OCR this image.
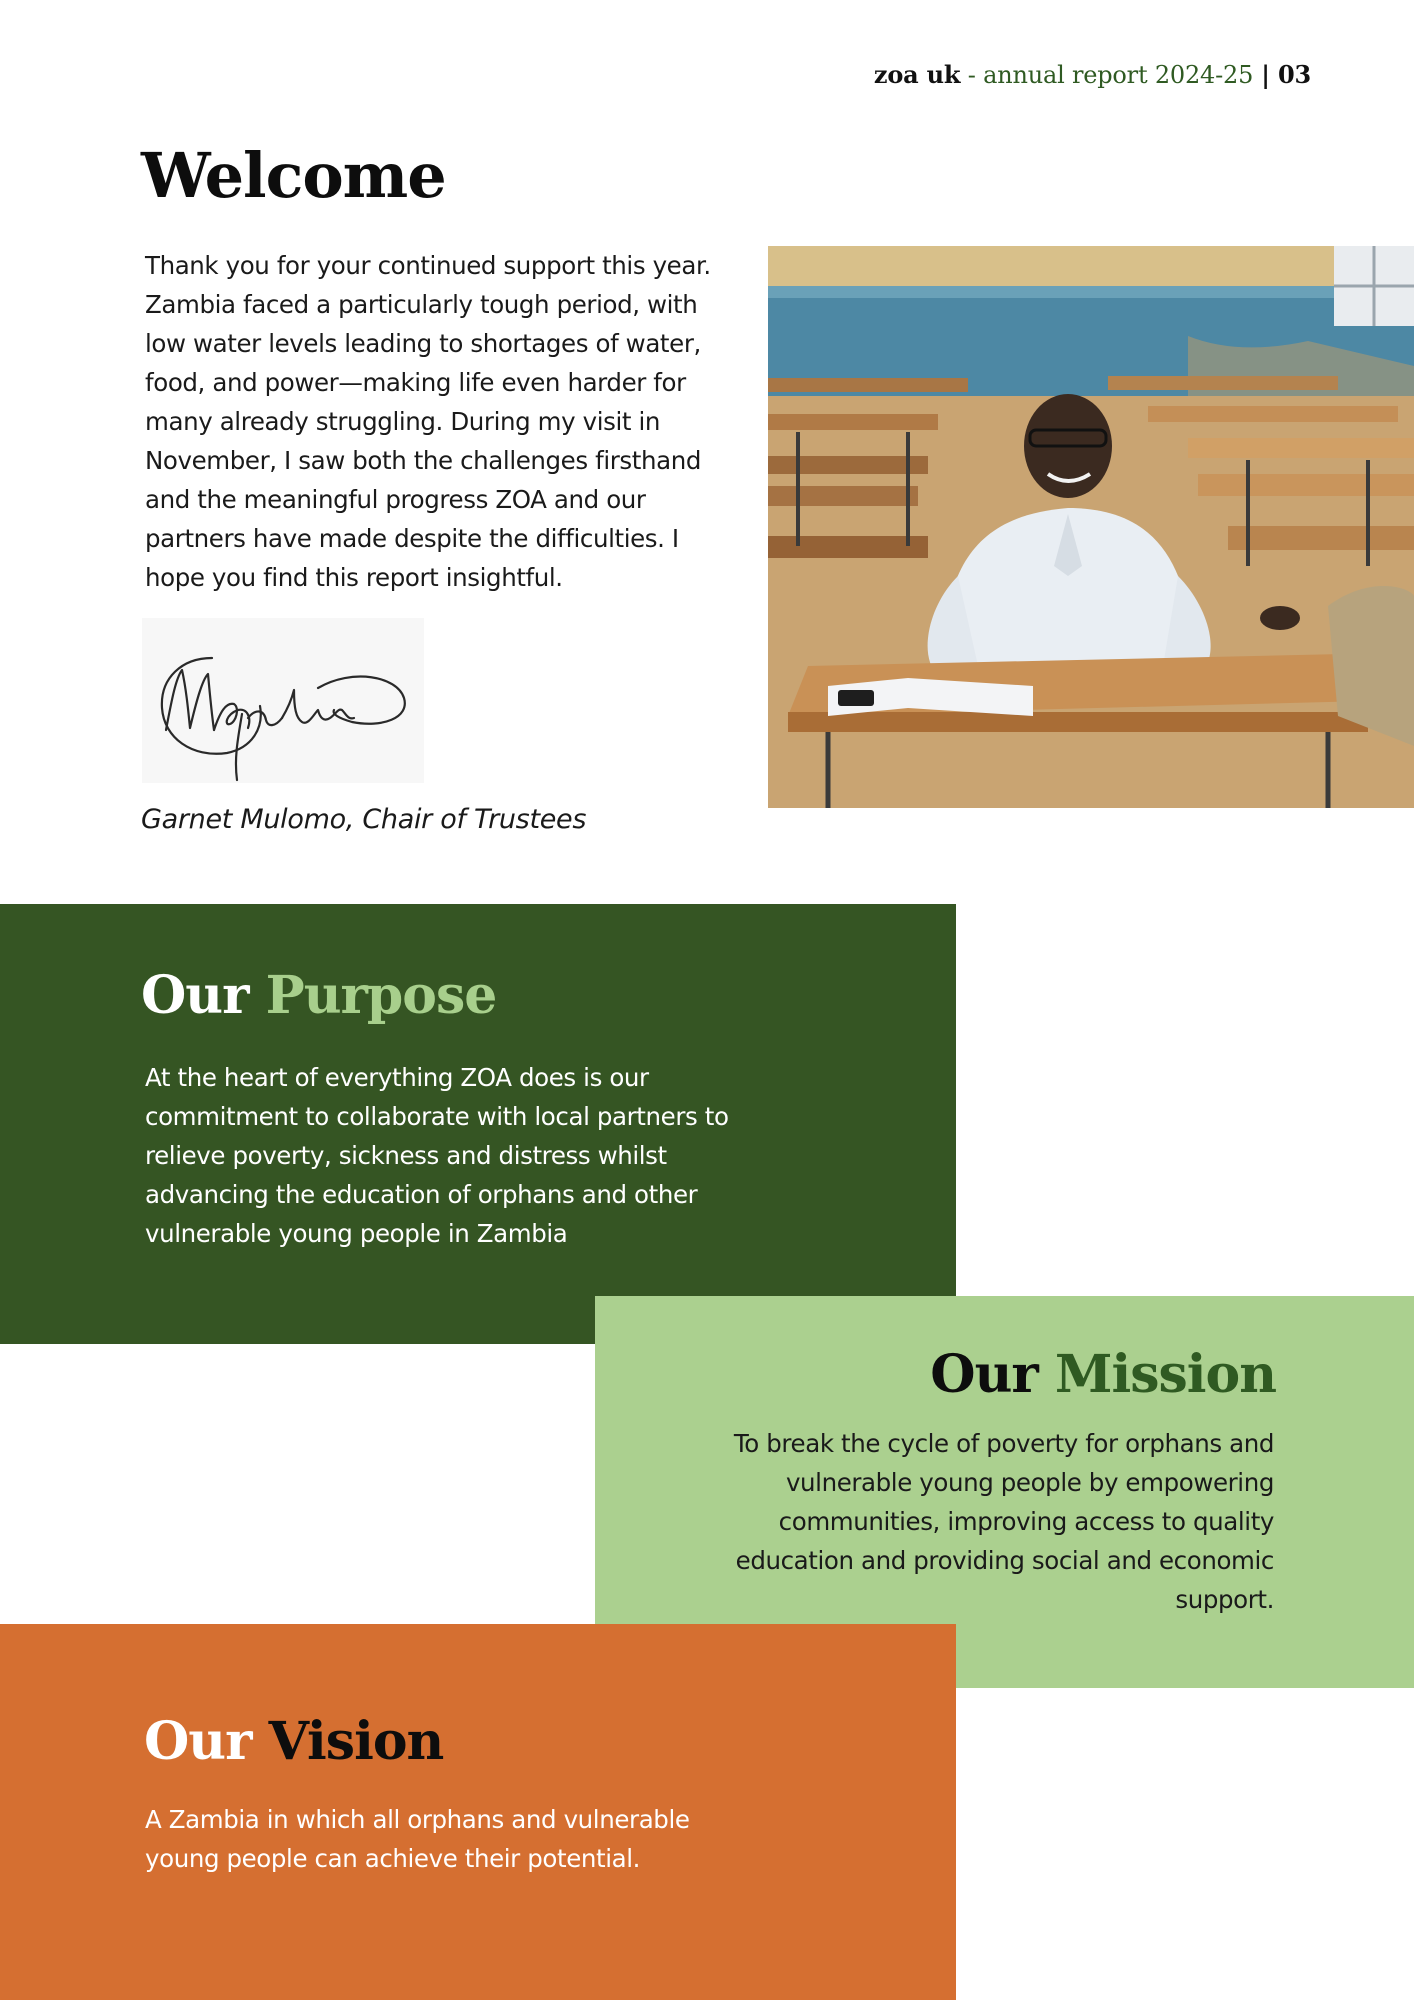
zoa uk - annual report 2024-25 | 03
Welcome

Thank you for your continued support this year. Zambia faced a particularly tough period, with low water levels leading to shortages of water, food, and power—making life even harder for many already struggling. During my visit in November, I saw both the challenges firsthand and the meaningful progress ZOA and our partners have made despite the difficulties. I hope you find this report insightful.

Garnet Mulomo, Chair of Trustees

Our Purpose

At the heart of everything ZOA does is our commitment to collaborate with local partners to relieve poverty, sickness and distress whilst advancing the education of orphans and other vulnerable young people in Zambia

Our Mission

To break the cycle of poverty for orphans and vulnerable young people by empowering communities, improving access to quality education and providing social and economic support.

Our Vision

A Zambia in which all orphans and vulnerable young people can achieve their potential.
